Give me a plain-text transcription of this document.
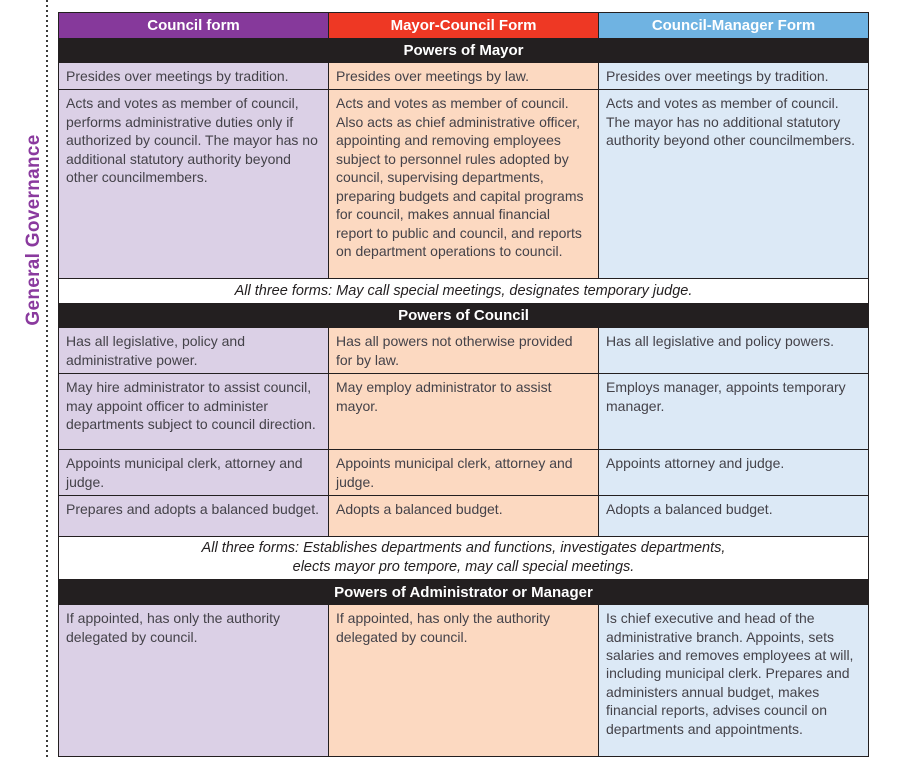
General Governance
Council form	Mayor-Council Form	Council-Manager Form
Powers of Mayor		
Presides over meetings by tradition.	Presides over meetings by law.	Presides over meetings by tradition.
Acts and votes as member of council, performs administrative duties only if authorized by council. The mayor has no additional statutory authority beyond other councilmembers.	Acts and votes as member of council. Also acts as chief administrative officer, appointing and removing employees subject to personnel rules adopted by council, supervising departments, preparing budgets and capital programs for council, makes annual financial report to public and council, and reports on department operations to council.	Acts and votes as member of council. The mayor has no additional statutory authority beyond other councilmembers.

All three forms: May call special meetings, designates temporary judge.		

Powers of Council		
Has all legislative, policy and administrative power.	Has all powers not otherwise provided for by law.	Has all legislative and policy powers.
May hire administrator to assist council, may appoint officer to administer departments subject to council direction.	May employ administrator to assist mayor.	Employs manager, appoints temporary manager.
Appoints municipal clerk, attorney and judge.	Appoints municipal clerk, attorney and judge.	Appoints attorney and judge.
Prepares and adopts a balanced budget.	Adopts a balanced budget.	Adopts a balanced budget.

All three forms: Establishes departments and functions, investigates departments,
elects mayor pro tempore, may call special meetings.		

Powers of Administrator or Manager		
If appointed, has only the authority delegated by council.	If appointed, has only the authority delegated by council.	Is chief executive and head of the administrative branch. Appoints, sets salaries and removes employees at will, including municipal clerk. Prepares and administers annual budget, makes financial reports, advises council on departments and appointments.
